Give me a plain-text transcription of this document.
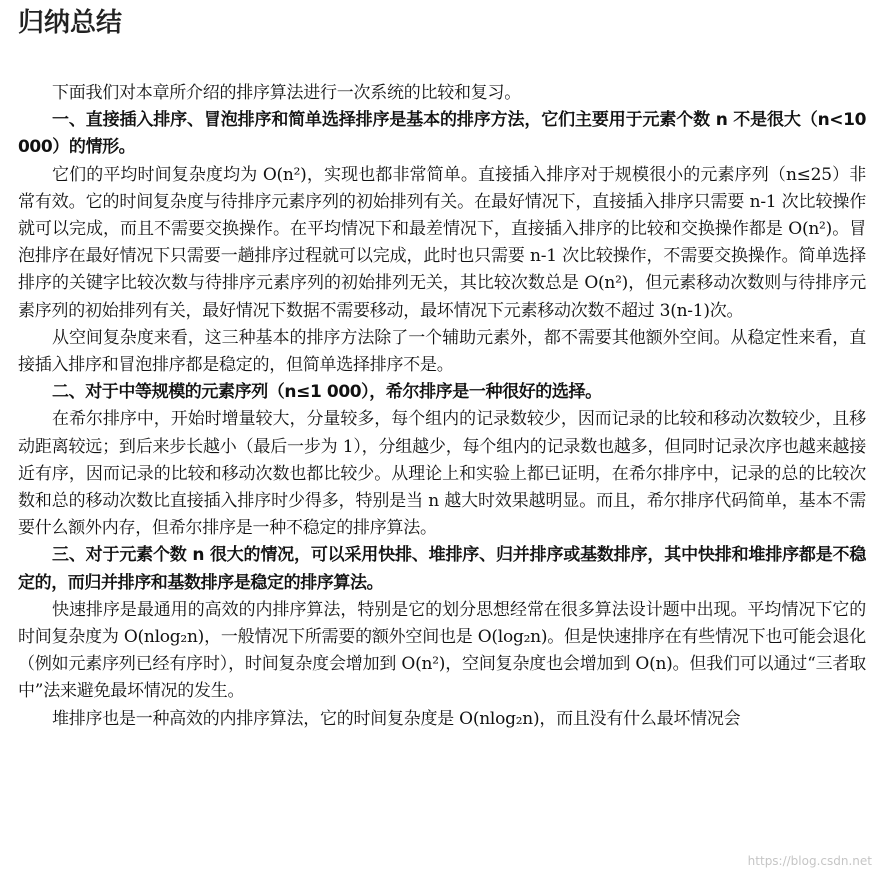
归纳总结

下面我们对本章所介绍的排序算法进行一次系统的比较和复习。

一、直接插入排序、冒泡排序和简单选择排序是基本的排序方法，它们主要用于元素个数 n 不是很大（n<10 000）的情形。

它们的平均时间复杂度均为 O(n²)，实现也都非常简单。直接插入排序对于规模很小的元素序列（n≤25）非常有效。它的时间复杂度与待排序元素序列的初始排列有关。在最好情况下，直接插入排序只需要 n-1 次比较操作就可以完成，而且不需要交换操作。在平均情况下和最差情况下，直接插入排序的比较和交换操作都是 O(n²)。冒泡排序在最好情况下只需要一趟排序过程就可以完成，此时也只需要 n-1 次比较操作，不需要交换操作。简单选择排序的关键字比较次数与待排序元素序列的初始排列无关，其比较次数总是 O(n²)，但元素移动次数则与待排序元素序列的初始排列有关，最好情况下数据不需要移动，最坏情况下元素移动次数不超过 3(n-1)次。

从空间复杂度来看，这三种基本的排序方法除了一个辅助元素外，都不需要其他额外空间。从稳定性来看，直接插入排序和冒泡排序都是稳定的，但简单选择排序不是。

二、对于中等规模的元素序列（n≤1 000），希尔排序是一种很好的选择。

在希尔排序中，开始时增量较大，分量较多，每个组内的记录数较少，因而记录的比较和移动次数较少，且移动距离较远；到后来步长越小（最后一步为 1），分组越少，每个组内的记录数也越多，但同时记录次序也越来越接近有序，因而记录的比较和移动次数也都比较少。从理论上和实验上都已证明，在希尔排序中，记录的总的比较次数和总的移动次数比直接插入排序时少得多，特别是当 n 越大时效果越明显。而且，希尔排序代码简单，基本不需要什么额外内存，但希尔排序是一种不稳定的排序算法。

三、对于元素个数 n 很大的情况，可以采用快排、堆排序、归并排序或基数排序，其中快排和堆排序都是不稳定的，而归并排序和基数排序是稳定的排序算法。

快速排序是最通用的高效的内排序算法，特别是它的划分思想经常在很多算法设计题中出现。平均情况下它的时间复杂度为 O(nlog₂n)，一般情况下所需要的额外空间也是 O(log₂n)。但是快速排序在有些情况下也可能会退化（例如元素序列已经有序时），时间复杂度会增加到 O(n²)，空间复杂度也会增加到 O(n)。但我们可以通过“三者取中”法来避免最坏情况的发生。

堆排序也是一种高效的内排序算法，它的时间复杂度是 O(nlog₂n)，而且没有什么最坏情况会

https://blog.csdn.net
